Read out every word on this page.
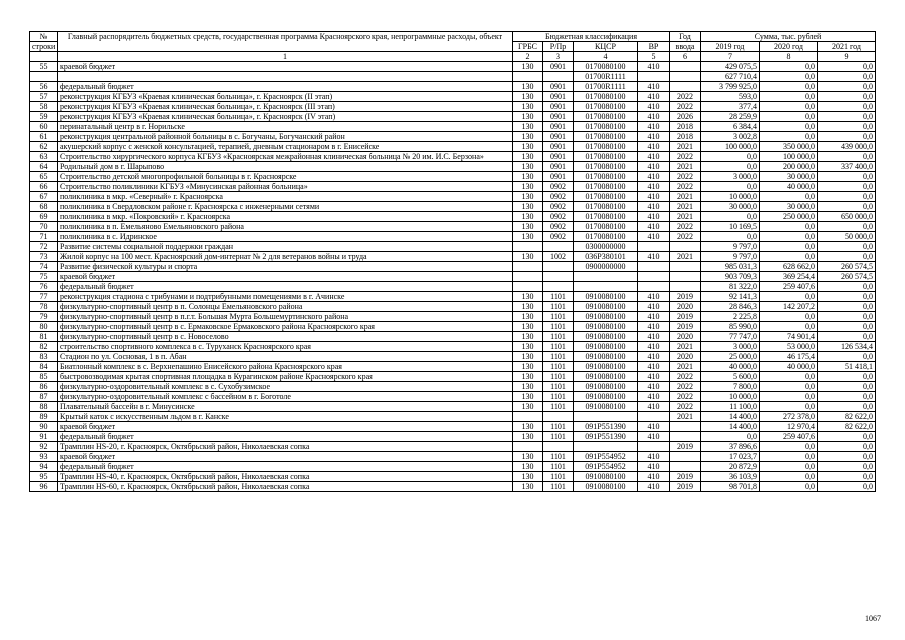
№	Главный распорядитель бюджетных средств, государственная программа Красноярского края, непрограммные расходы, объект	Бюджетная классификация				Год	Сумма, тыс. рублей		
строки		ГРБС	Р/Пр	КЦСР	ВР	ввода	2019 год	2020 год	2021 год
	1	2	3	4	5	6	7	8	9
55	краевой бюджет	130	0901	0170080100	410		429 075,5	0,0	0,0
				01700R1111			627 710,4	0,0	0,0
56	федеральный бюджет	130	0901	01700R1111	410		3 799 925,0	0,0	0,0
57	реконструкция КГБУЗ «Краевая клиническая больница», г. Красноярск (II этап)	130	0901	0170080100	410	2022	593,0	0,0	0,0
58	реконструкция КГБУЗ «Краевая клиническая больница», г. Красноярск (III этап)	130	0901	0170080100	410	2022	377,4	0,0	0,0
59	реконструкция КГБУЗ «Краевая клиническая больница», г. Красноярск (IV этап)	130	0901	0170080100	410	2026	28 259,9	0,0	0,0
60	перинатальный центр в г. Норильске	130	0901	0170080100	410	2018	6 384,4	0,0	0,0
61	реконструкция центральной районной больницы в с. Богучаны, Богучанский район	130	0901	0170080100	410	2018	3 002,8	0,0	0,0
62	акушерский корпус с женской консультацией, терапией, дневным стационаром в г. Енисейске	130	0901	0170080100	410	2021	100 000,0	350 000,0	439 000,0
63	Строительство хирургического корпуса КГБУЗ «Красноярская межрайонная клиническая больница № 20 им. И.С. Берзона»	130	0901	0170080100	410	2022	0,0	100 000,0	0,0
64	Родильный дом в г. Шарыпово	130	0901	0170080100	410	2021	0,0	200 000,0	337 400,0
65	Строительство детской многопрофильной больницы в г. Красноярске	130	0901	0170080100	410	2022	3 000,0	30 000,0	0,0
66	Строительство поликлиники КГБУЗ «Минусинская районная больница»	130	0902	0170080100	410	2022	0,0	40 000,0	0,0
67	поликлиника в мкр. «Северный» г. Красноярска	130	0902	0170080100	410	2021	10 000,0	0,0	0,0
68	поликлиника в Свердловском районе г. Красноярска с инженерными сетями	130	0902	0170080100	410	2021	30 000,0	30 000,0	0,0
69	поликлиника в мкр. «Покровский» г. Красноярска	130	0902	0170080100	410	2021	0,0	250 000,0	650 000,0
70	поликлиника в п. Емельяново Емельяновского района	130	0902	0170080100	410	2022	10 169,5	0,0	0,0
71	поликлиника в с. Идринское	130	0902	0170080100	410	2022	0,0	0,0	50 000,0
72	Развитие системы социальной поддержки граждан			0300000000			9 797,0	0,0	0,0
73	Жилой корпус на 100 мест. Красноярский дом-интернат № 2 для ветеранов войны и труда	130	1002	036P380101	410	2021	9 797,0	0,0	0,0
74	Развитие физической культуры и спорта			0900000000			985 031,3	628 662,0	260 574,5
75	краевой бюджет						903 709,3	369 254,4	260 574,5
76	федеральный бюджет						81 322,0	259 407,6	0,0
77	реконструкция стадиона с трибунами и подтрибунными помещениями в г. Ачинске	130	1101	0910080100	410	2019	92 141,3	0,0	0,0
78	физкультурно-спортивный центр в п. Солонцы Емельяновского района	130	1101	0910080100	410	2020	28 846,3	142 207,2	0,0
79	физкультурно-спортивный центр в п.г.т. Большая Мурта Большемуртинского района	130	1101	0910080100	410	2019	2 225,8	0,0	0,0
80	физкультурно-спортивный центр в с. Ермаковское Ермаковского района Красноярского края	130	1101	0910080100	410	2019	85 990,0	0,0	0,0
81	физкультурно-спортивный центр в с. Новоселово	130	1101	0910080100	410	2020	77 747,0	74 901,4	0,0
82	строительство спортивного комплекса в с. Туруханск Красноярского края	130	1101	0910080100	410	2021	3 000,0	53 000,0	126 534,4
83	Стадион по ул. Сосновая, 1 в п. Абан	130	1101	0910080100	410	2020	25 000,0	46 175,4	0,0
84	Биатлонный комплекс в с. Верхнепашино Енисейского района Красноярского края	130	1101	0910080100	410	2021	40 000,0	40 000,0	51 418,1
85	быстровозводимая крытая спортивная площадка в Курагинском районе Красноярского края	130	1101	0910080100	410	2022	5 600,0	0,0	0,0
86	физкультурно-оздоровительный комплекс в с. Сухобузимское	130	1101	0910080100	410	2022	7 800,0	0,0	0,0
87	физкультурно-оздоровительный комплекс с бассейном в г. Боготоле	130	1101	0910080100	410	2022	10 000,0	0,0	0,0
88	Плавательный бассейн в г. Минусинске	130	1101	0910080100	410	2022	11 100,0	0,0	0,0
89	Крытый каток с искусственным льдом в г. Канске					2021	14 400,0	272 378,0	82 622,0
90	краевой бюджет	130	1101	091P551390	410		14 400,0	12 970,4	82 622,0
91	федеральный бюджет	130	1101	091P551390	410		0,0	259 407,6	0,0
92	Трамплин HS-20, г. Красноярск, Октябрьский район, Николаевская сопка					2019	37 896,6	0,0	0,0
93	краевой бюджет	130	1101	091P554952	410		17 023,7	0,0	0,0
94	федеральный бюджет	130	1101	091P554952	410		20 872,9	0,0	0,0
95	Трамплин HS-40, г. Красноярск, Октябрьский район, Николаевская сопка	130	1101	0910080100	410	2019	36 103,9	0,0	0,0
96	Трамплин HS-60, г. Красноярск, Октябрьский район, Николаевская сопка	130	1101	0910080100	410	2019	98 701,8	0,0	0,0
1067
